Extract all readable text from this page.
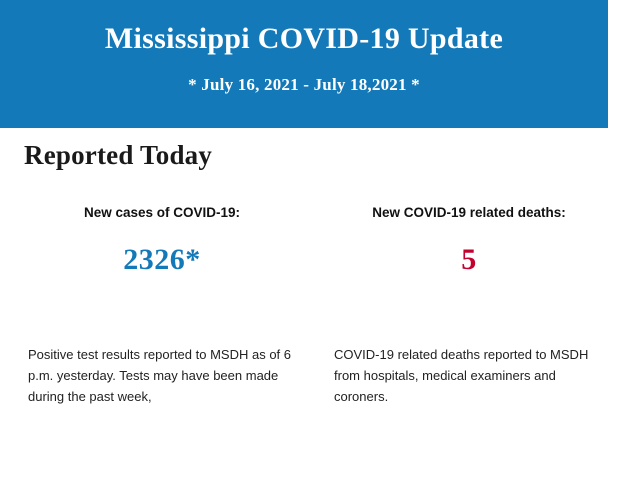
Mississippi COVID-19 Update

* July 16, 2021 - July 18,2021 *

Reported Today

New cases of COVID-19:

2326*

Positive test results reported to MSDH as of 6 p.m. yesterday. Tests may have been made during the past week,

New COVID-19 related deaths:

5

COVID-19 related deaths reported to MSDH from hospitals, medical examiners and coroners.
